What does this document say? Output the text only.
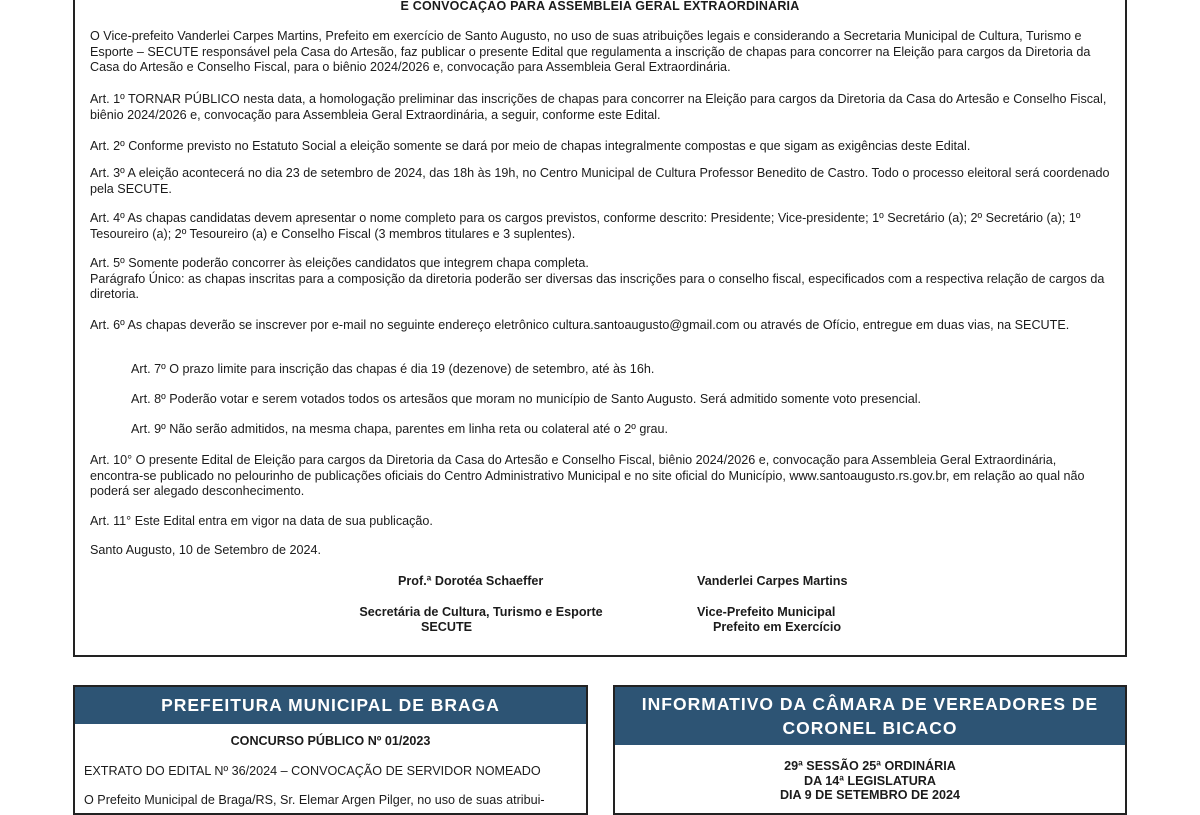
E CONVOCAÇÃO PARA ASSEMBLEIA GERAL EXTRAORDINÁRIA

O Vice-prefeito Vanderlei Carpes Martins, Prefeito em exercício de Santo Augusto, no uso de suas atribuições legais e considerando a Secretaria Municipal de Cultura, Turismo e Esporte – SECUTE responsável pela Casa do Artesão, faz publicar o presente Edital que regulamenta a inscrição de chapas para concorrer na Eleição para cargos da Diretoria da Casa do Artesão e Conselho Fiscal, para o biênio 2024/2026 e, convocação para Assembleia Geral Extraordinária.

Art. 1º TORNAR PÚBLICO nesta data, a homologação preliminar das inscrições de chapas para concorrer na Eleição para cargos da Diretoria da Casa do Artesão e Conselho Fiscal, biênio 2024/2026 e, convocação para Assembleia Geral Extraordinária, a seguir, conforme este Edital.

Art. 2º Conforme previsto no Estatuto Social a eleição somente se dará por meio de chapas integralmente compostas e que sigam as exigências deste Edital.

Art. 3º A eleição acontecerá no dia 23 de setembro de 2024, das 18h às 19h, no Centro Municipal de Cultura Professor Benedito de Castro. Todo o processo eleitoral será coordenado pela SECUTE.

Art. 4º As chapas candidatas devem apresentar o nome completo para os cargos previstos, conforme descrito: Presidente; Vice-presidente; 1º Secretário (a); 2º Secretário (a); 1º Tesoureiro (a); 2º Tesoureiro (a) e Conselho Fiscal (3 membros titulares e 3 suplentes).

Art. 5º Somente poderão concorrer às eleições candidatos que integrem chapa completa.

Parágrafo Único: as chapas inscritas para a composição da diretoria poderão ser diversas das inscrições para o conselho fiscal, especificados com a respectiva relação de cargos da diretoria.

Art. 6º As chapas deverão se inscrever por e-mail no seguinte endereço eletrônico cultura.santoaugusto@gmail.com ou através de Ofício, entregue em duas vias, na SECUTE.

Art. 7º O prazo limite para inscrição das chapas é dia 19 (dezenove) de setembro, até às 16h.

Art. 8º Poderão votar e serem votados todos os artesãos que moram no município de Santo Augusto. Será admitido somente voto presencial.

Art. 9º Não serão admitidos, na mesma chapa, parentes em linha reta ou colateral até o 2º grau.

Art. 10° O presente Edital de Eleição para cargos da Diretoria da Casa do Artesão e Conselho Fiscal, biênio 2024/2026 e, convocação para Assembleia Geral Extraordinária, encontra-se publicado no pelourinho de publicações oficiais do Centro Administrativo Municipal e no site oficial do Município, www.santoaugusto.rs.gov.br, em relação ao qual não poderá ser alegado desconhecimento.

Art. 11° Este Edital entra em vigor na data de sua publicação.

Santo Augusto, 10 de Setembro de 2024.

Prof.ª Dorotéa Schaeffer	Vanderlei Carpes Martins
Secretária de Cultura, Turismo e Esporte
SECUTE
Vice-Prefeito Municipal
Prefeito em Exercício
PREFEITURA MUNICIPAL DE BRAGA
CONCURSO PÚBLICO Nº 01/2023
EXTRATO DO EDITAL Nº 36/2024 – CONVOCAÇÃO DE SERVIDOR NOMEADO
O Prefeito Municipal de Braga/RS, Sr. Elemar Argen Pilger, no uso de suas atribui-
INFORMATIVO DA CÂMARA DE VEREADORES DE
CORONEL BICACO
29ª SESSÃO 25ª ORDINÁRIA
DA 14ª LEGISLATURA
DIA 9 DE SETEMBRO DE 2024
